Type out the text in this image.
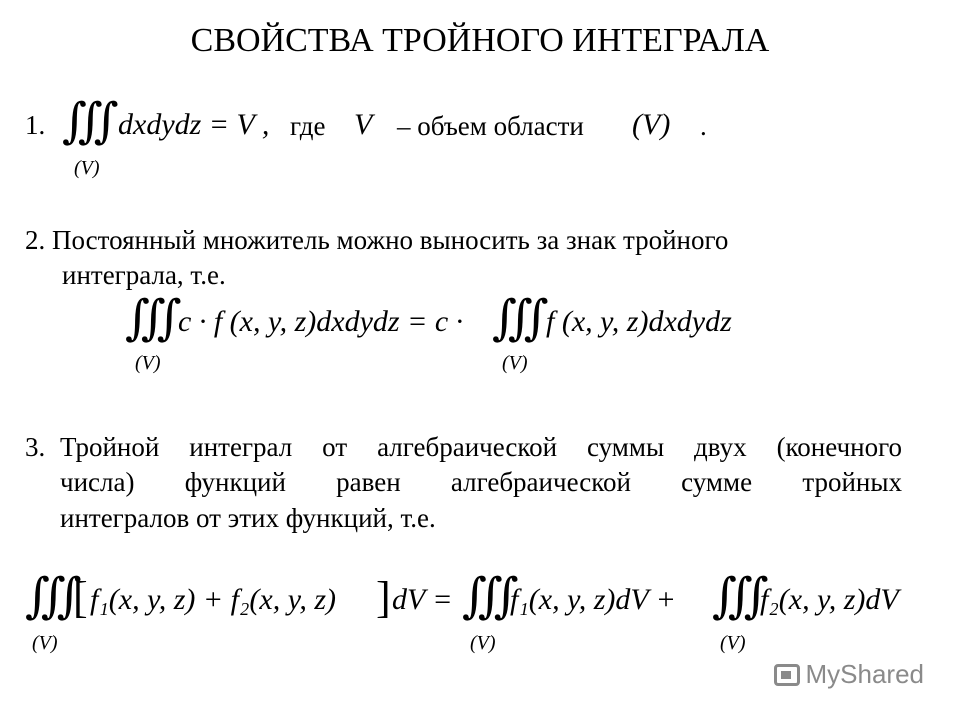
СВОЙСТВА ТРОЙНОГО ИНТЕГРАЛА
1. ∭
(V)
dxdydz = V , где V – объем области (V) .
2. Постоянный множитель можно выносить за знак тройного
интеграла, т.е.
∭
(V)
c · f (x, y, z)dxdydz = c · ∭
(V)
f (x, y, z)dxdydz
3. Тройной интеграл от алгебраической суммы двух (конечного
числа) функций равен алгебраической сумме тройных
интегралов от этих функций, т.е.
∭
(V)
[ f₁(x, y, z) + f₂(x, y, z) ] dV = ∭
(V)
f₁(x, y, z)dV + ∭
(V)
f₂(x, y, z)dV
MyShared
